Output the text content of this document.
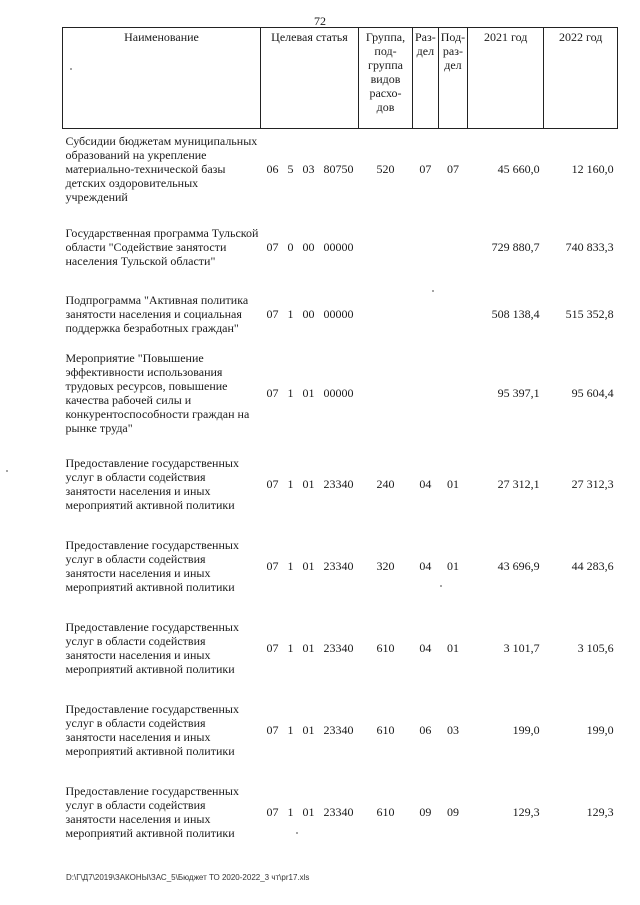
72
Наименование	Целевая статья	Группа, под-группа видов расхо-дов	Раз-дел	Под-раз-дел	2021 год	2022 год
Субсидии бюджетам муниципальных образований на укрепление материально-технической базы детских оздоровительных учреждений	06 5 03 80750	520	07	07	45 660,0	12 160,0
Государственная программа Тульской области "Содействие занятости населения Тульской области"	07 0 00 00000				729 880,7	740 833,3
Подпрограмма "Активная политика занятости населения и социальная поддержка безработных граждан"	07 1 00 00000				508 138,4	515 352,8
Мероприятие "Повышение эффективности использования трудовых ресурсов, повышение качества рабочей силы и конкурентоспособности граждан на рынке труда"	07 1 01 00000				95 397,1	95 604,4
Предоставление государственных услуг в области содействия занятости населения и иных мероприятий активной политики	07 1 01 23340	240	04	01	27 312,1	27 312,3
Предоставление государственных услуг в области содействия занятости населения и иных мероприятий активной политики	07 1 01 23340	320	04	01	43 696,9	44 283,6
Предоставление государственных услуг в области содействия занятости населения и иных мероприятий активной политики	07 1 01 23340	610	04	01	3 101,7	3 105,6
Предоставление государственных услуг в области содействия занятости населения и иных мероприятий активной политики	07 1 01 23340	610	06	03	199,0	199,0
Предоставление государственных услуг в области содействия занятости населения и иных мероприятий активной политики	07 1 01 23340	610	09	09	129,3	129,3
D:\Г\Д7\2019\ЗАКОНЫ\ЗАС_5\Бюджет ТО 2020-2022_3 чт\pr17.xls
